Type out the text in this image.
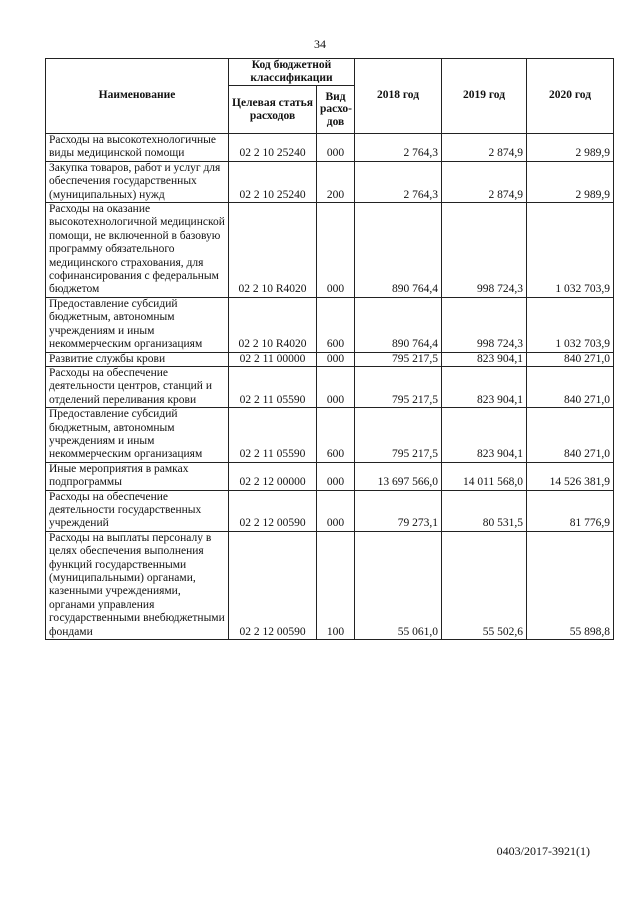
34
Наименование	Код бюджетной классификации		2018 год	2019 год	2020 год
	Целевая статья расходов	Вид расхо-дов			
Расходы на высокотехнологичные виды медицинской помощи	02 2 10 25240	000	2 764,3	2 874,9	2 989,9
Закупка товаров, работ и услуг для обеспечения государственных (муниципальных) нужд	02 2 10 25240	200	2 764,3	2 874,9	2 989,9
Расходы на оказание высокотехнологичной медицинской помощи, не включенной в базовую программу обязательного медицинского страхования, для софинансирования с федеральным бюджетом	02 2 10 R4020	000	890 764,4	998 724,3	1 032 703,9
Предоставление субсидий бюджетным, автономным учреждениям и иным некоммерческим организациям	02 2 10 R4020	600	890 764,4	998 724,3	1 032 703,9
Развитие службы крови	02 2 11 00000	000	795 217,5	823 904,1	840 271,0
Расходы на обеспечение деятельности центров, станций и отделений переливания крови	02 2 11 05590	000	795 217,5	823 904,1	840 271,0
Предоставление субсидий бюджетным, автономным учреждениям и иным некоммерческим организациям	02 2 11 05590	600	795 217,5	823 904,1	840 271,0
Иные мероприятия в рамках подпрограммы	02 2 12 00000	000	13 697 566,0	14 011 568,0	14 526 381,9
Расходы на обеспечение деятельности государственных учреждений	02 2 12 00590	000	79 273,1	80 531,5	81 776,9
Расходы на выплаты персоналу в целях обеспечения выполнения функций государственными (муниципальными) органами, казенными учреждениями, органами управления государственными внебюджетными фондами	02 2 12 00590	100	55 061,0	55 502,6	55 898,8
0403/2017-3921(1)
